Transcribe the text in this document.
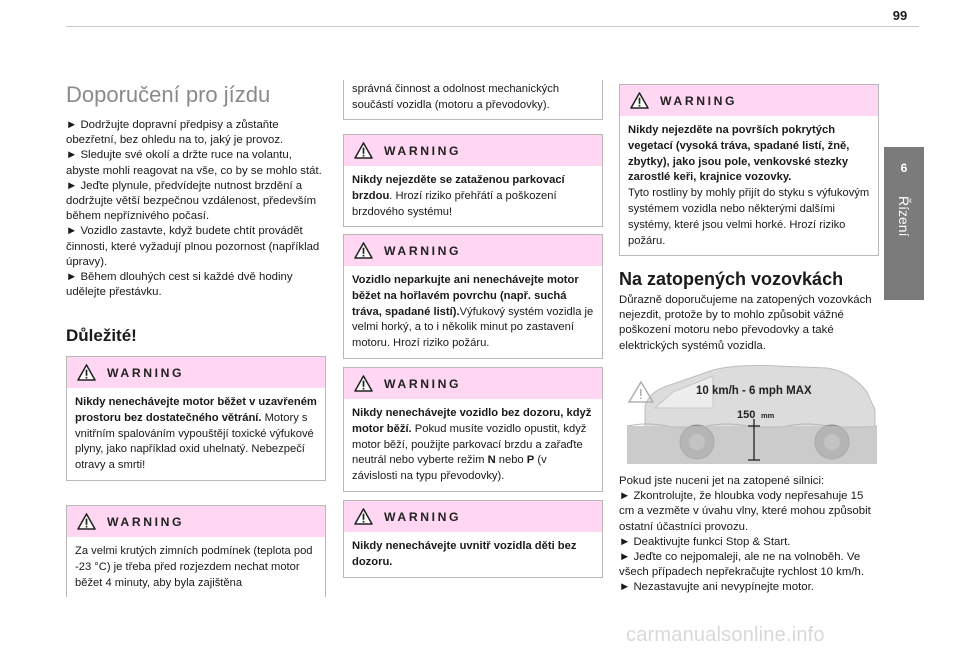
99
6
Řízení
Doporučení pro jízdu

► Dodržujte dopravní předpisy a zůstaňte obezřetní, bez ohledu na to, jaký je provoz.

► Sledujte své okolí a držte ruce na volantu, abyste mohli reagovat na vše, co by se mohlo stát.

► Jeďte plynule, předvídejte nutnost brzdění a dodržujte větší bezpečnou vzdálenost, především během nepříznivého počasí.

► Vozidlo zastavte, když budete chtít provádět činnosti, které vyžadují plnou pozornost (například úpravy).

► Během dlouhých cest si každé dvě hodiny udělejte přestávku.

Důležité!
WARNING
Nikdy nenechávejte motor běžet v uzavřeném prostoru bez dostatečného větrání. Motory s vnitřním spalováním vypouštějí toxické výfukové plyny, jako například oxid uhelnatý. Nebezpečí otravy a smrti!
WARNING
Za velmi krutých zimních podmínek (teplota pod -23 °C) je třeba před rozjezdem nechat motor běžet 4 minuty, aby byla zajištěna
správná činnost a odolnost mechanických součástí vozidla (motoru a převodovky).
WARNING
Nikdy nejezděte se zataženou parkovací brzdou. Hrozí riziko přehřátí a poškození brzdového systému!
WARNING
Vozidlo neparkujte ani nenechávejte motor běžet na hořlavém povrchu (např. suchá tráva, spadané listí).Výfukový systém vozidla je velmi horký, a to i několik minut po zastavení motoru. Hrozí riziko požáru.
WARNING
Nikdy nenechávejte vozidlo bez dozoru, když motor běží. Pokud musíte vozidlo opustit, když motor běží, použijte parkovací brzdu a zařaďte neutrál nebo vyberte režim N nebo P (v závislosti na typu převodovky).
WARNING
Nikdy nenechávejte uvnitř vozidla děti bez dozoru.
WARNING
Nikdy nejezděte na površích pokrytých vegetací (vysoká tráva, spadané listí, žně, zbytky), jako jsou pole, venkovské stezky zarostlé keři, krajnice vozovky.
Tyto rostliny by mohly přijít do styku s výfukovým systémem vozidla nebo některými dalšími systémy, které jsou velmi horké. Hrozí riziko požáru.
Na zatopených vozovkách

Důrazně doporučujeme na zatopených vozovkách nejezdit, protože by to mohlo způsobit vážné poškození motoru nebo převodovky a také elektrických systémů vozidla.

10 km/h - 6 mph MAX
150 mm

Pokud jste nuceni jet na zatopené silnici:

► Zkontrolujte, že hloubka vody nepřesahuje 15 cm a vezměte v úvahu vlny, které mohou způsobit ostatní účastníci provozu.

► Deaktivujte funkci Stop & Start.

► Jeďte co nejpomaleji, ale ne na volnoběh. Ve všech případech nepřekračujte rychlost 10 km/h.

► Nezastavujte ani nevypínejte motor.

carmanualsonline.info
